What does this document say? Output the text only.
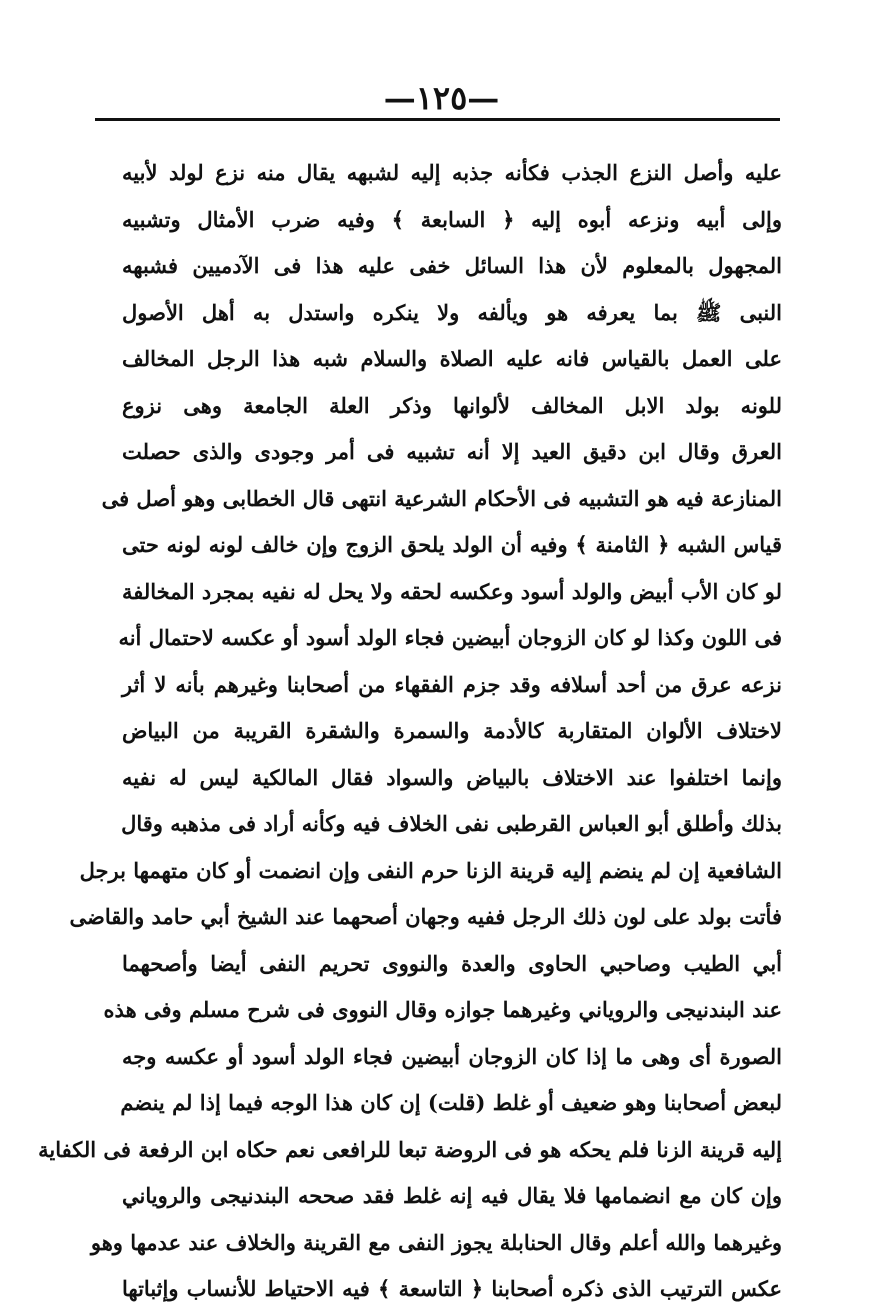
—١٢٥—
عليه وأصل النزع الجذب فكأنه جذبه إليه لشبهه يقال منه نزع لولد لأبيه
وإلى أبيه ونزعه أبوه إليه ﴿ السابعة ﴾ وفيه ضرب الأمثال وتشبيه
المجهول بالمعلوم لأن هذا السائل خفى عليه هذا فى الآدميين فشبهه
النبى ﷺ بما يعرفه هو ويألفه ولا ينكره واستدل به أهل الأصول
على العمل بالقياس فانه عليه الصلاة والسلام شبه هذا الرجل المخالف
للونه بولد الابل المخالف لألوانها وذكر العلة الجامعة وهى نزوع
العرق وقال ابن دقيق العيد إلا أنه تشبيه فى أمر وجودى والذى حصلت
المنازعة فيه هو التشبيه فى الأحكام الشرعية انتهى قال الخطابى وهو أصل فى
قياس الشبه ﴿ الثامنة ﴾ وفيه أن الولد يلحق الزوج وإن خالف لونه لونه حتى
لو كان الأب أبيض والولد أسود وعكسه لحقه ولا يحل له نفيه بمجرد المخالفة
فى اللون وكذا لو كان الزوجان أبيضين فجاء الولد أسود أو عكسه لاحتمال أنه
نزعه عرق من أحد أسلافه وقد جزم الفقهاء من أصحابنا وغيرهم بأنه لا أثر
لاختلاف الألوان المتقاربة كالأدمة والسمرة والشقرة القريبة من البياض
وإنما اختلفوا عند الاختلاف بالبياض والسواد فقال المالكية ليس له نفيه
بذلك وأطلق أبو العباس القرطبى نفى الخلاف فيه وكأنه أراد فى مذهبه وقال
الشافعية إن لم ينضم إليه قرينة الزنا حرم النفى وإن انضمت أو كان متهمها برجل
فأتت بولد على لون ذلك الرجل ففيه وجهان أصحهما عند الشيخ أبي حامد والقاضى
أبي الطيب وصاحبي الحاوى والعدة والنووى تحريم النفى أيضا وأصحهما
عند البندنيجى والروياني وغيرهما جوازه وقال النووى فى شرح مسلم وفى هذه
الصورة أى وهى ما إذا كان الزوجان أبيضين فجاء الولد أسود أو عكسه وجه
لبعض أصحابنا وهو ضعيف أو غلط (قلت) إن كان هذا الوجه فيما إذا لم ينضم
إليه قرينة الزنا فلم يحكه هو فى الروضة تبعا للرافعى نعم حكاه ابن الرفعة فى الكفاية
وإن كان مع انضمامها فلا يقال فيه إنه غلط فقد صححه البندنيجى والروياني
وغيرهما والله أعلم وقال الحنابلة يجوز النفى مع القرينة والخلاف عند عدمها وهو
عكس الترتيب الذى ذكره أصحابنا ﴿ التاسعة ﴾ فيه الاحتياط للأنساب وإثباتها
